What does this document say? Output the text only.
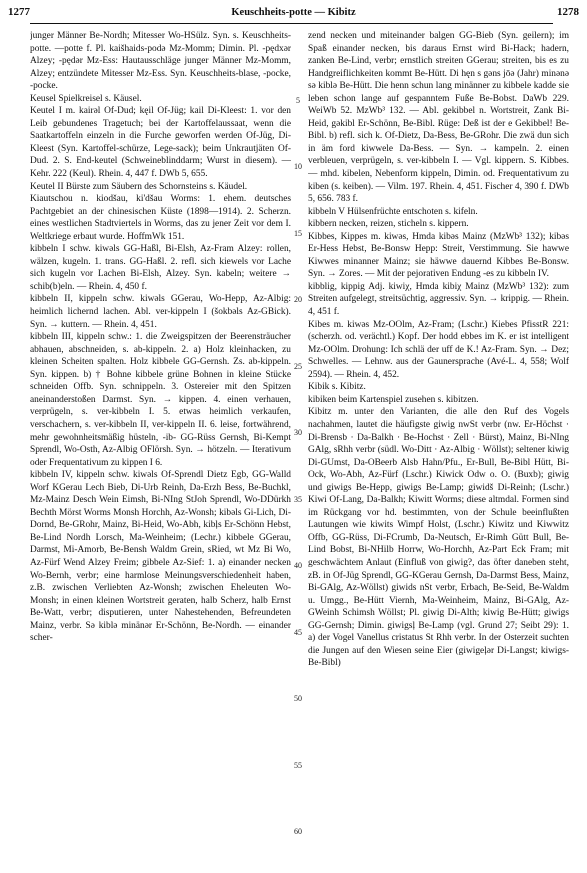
1277	Keuschheits-potte — Kibitz	1278

junger Männer Be-Nordh; Mitesser Wo-HSülz. Syn. s. Keuschheits-potte. —potte f. Pl. kaišhaids-podə Mz-Momm; Dimin. Pl. -pędxər Alzey; -pędər Mz-Ess: Hautausschläge junger Männer Mz-Momm, Alzey; entzündete Mitesser Mz-Ess. Syn. Keuschheits-blase, -pocke, -pocke.

Keusel Spielkreisel s. Käusel.

Keutel I m. kairəl Of-Dud; kęil Of-Jüg; kail Di-Kleest: 1. vor den Leib gebundenes Tragetuch; bei der Kartoffelaussaat, wenn die Saatkartoffeln einzeln in die Furche geworfen werden Of-Jüg, Di-Kleest (Syn. Kartoffel-schürze, Lege-sack); beim Unkrautjäten Of-Dud. 2. S. End-keutel (Schweineblinddarm; Wurst in diesem). — Kehr. 222 (Keul). Rhein. 4, 447 f. DWb 5, 655.

Keutel II Bürste zum Säubern des Schornsteins s. Käudel.

Kiautschou n. kiodšau, ki'dšau Worms: 1. ehem. deutsches Pachtgebiet an der chinesischen Küste (1898—1914). 2. Scherzn. eines westlichen Stadtviertels in Worms, das zu jener Zeit vor dem I. Weltkriege erbaut wurde. HoffmWk 151.

kibbeln I schw. kiwəls GG-Haßl, Bi-Elsh, Az-Fram Alzey: rollen, wälzen, kugeln. 1. trans. GG-Haßl. 2. refl. sich kiewels vor Lache sich kugeln vor Lachen Bi-Elsh, Alzey. Syn. kabeln; weitere → schib(b)eln. — Rhein. 4, 450 f.

kibbeln II, kippeln schw. kiwəls GGerau, Wo-Hepp, Az-Albig: heimlich lichernd lachen. Abl. ver-kippeln I (šokbəls Az-GBick). Syn. → kuttern. — Rhein. 4, 451.

kibbeln III, kippeln schw.: 1. die Zweigspitzen der Beerensträucher abhauen, abschneiden, s. ab-kippeln. 2. a) Holz kleinhacken, zu kleinen Scheiten spalten. Holz kibbele GG-Gernsh. Zs. ab-kippeln. Syn. kippen. b) † Bohne kibbele grüne Bohnen in kleine Stücke schneiden Offb. Syn. schnippeln. 3. Ostereier mit den Spitzen aneinanderstoßen Darmst. Syn. → kippen. 4. einen verhauen, verprügeln, s. ver-kibbeln I. 5. etwas heimlich verkaufen, verschachern, s. ver-kibbeln II, ver-kippeln II. 6. leise, fortwährend, mehr gewohnheitsmäßig hüsteln, -ib- GG-Rüss Gernsh, Bi-Kempt Sprendl, Wo-Osth, Az-Albig OFlörsh. Syn. → hötzeln. — Iterativum oder Frequentativum zu kippen I 6.

kibbeln IV, kippeln schw. kiwəls Of-Sprendl Dietz Egb, GG-Walld Worf KGerau Lech Bieb, Di-Urb Reinh, Da-Erzh Bess, Be-Buchkl, Mz-Mainz Desch Wein Eimsh, Bi-NIng StJoh Sprendl, Wo-DDürkh Bechth Mörst Worms Monsh Horchh, Az-Wonsh; kibəls Gi-Lich, Di-Dornd, Be-GRohr, Mainz, Bi-Heid, Wo-Abh, kibļs Er-Schönn Hebst, Be-Lind Nordh Lorsch, Ma-Weinheim; (Lechr.) kibbele GGerau, Darmst, Mi-Amorb, Be-Bensh Waldm Grein, sRied, wt Mz Bi Wo, Az-Fürf Wend Alzey Freim; gibbele Az-Sief: 1. a) einander necken Wo-Bernh, verbr; eine harmlose Meinungsverschiedenheit haben, z.B. zwischen Verliebten Az-Wonsh; zwischen Eheleuten Wo-Monsh; in einen kleinen Wortstreit geraten, halb Scherz, halb Ernst Be-Watt, verbr; disputieren, unter Nahestehenden, Befreundeten Mainz, verbr. Sə kiblə minänər Er-Schönn, Be-Nordh. — einander scher-

5
10
15
20
25
30
35
40
45
50
55
60

zend necken und miteinander balgen GG-Bieb (Syn. geilern); im Spaß einander necken, bis daraus Ernst wird Bi-Hack; hadern, zanken Be-Lind, verbr; ernstlich streiten GGerau; streiten, bis es zu Handgreiflichkeiten kommt Be-Hütt. Di hęn s gəns jōə (Jahr) minənə sə kiblə Be-Hütt. Die henn schun lang minänner zu kibbele kadde sie leben schon lange auf gespanntem Fuße Be-Bobst. DaWb 229. WeiWb 52. MzWb³ 132. — Abl. gekibbel n. Wortstreit, Zank Bi-Heid, gəkibl Er-Schönn, Be-Bibl. Rüge: Deß ist der e Gekibbel! Be-Bibl. b) refl. sich k. Of-Dietz, Da-Bess, Be-GRohr. Die zwä dun sich in äm ford kiwwele Da-Bess. — Syn. → kampeln. 2. einen verbleuen, verprügeln, s. ver-kibbeln I. — Vgl. kippern. S. Kibbes. — mhd. kibelen, Nebenform kippeln, Dimin. od. Frequentativum zu kiben (s. keiben). — Vilm. 197. Rhein. 4, 451. Fischer 4, 390 f. DWb 5, 656. 783 f.

kibbeln V Hülsenfrüchte entschoten s. kifeln.

kibbern necken, reizen, sticheln s. kippern.

Kibbes, Kippes m. kiwəs, Hmda kibəs Mainz (MzWb³ 132); kibəs Er-Hess Hebst, Be-Bonsw Hepp: Streit, Verstimmung. Sie hawwe Kiwwes minanner Mainz; sie häwwe dauernd Kibbes Be-Bonsw. Syn. → Zores. — Mit der pejorativen Endung -es zu kibbeln IV.

kibblig, kippig Adj. kiwiχ, Hmda kibiχ Mainz (MzWb³ 132): zum Streiten aufgelegt, streitsüchtig, aggressiv. Syn. → krippig. — Rhein. 4, 451 f.

Kibes m. kiwəs Mz-OOlm, Az-Fram; (Lschr.) Kiebes PfisstR 221: (scherzh. od. verächtl.) Kopf. Der hodd ebbes im K. er ist intelligent Mz-OOlm. Drohung: Ich schlä der uff de K.! Az-Fram. Syn. → Dez; Schwelles. — Lehnw. aus der Gaunersprache (Avé-L. 4, 558; Wolf 2594). — Rhein. 4, 452.

Kibik s. Kibitz.

kibiken beim Kartenspiel zusehen s. kibitzen.

Kibitz m. unter den Varianten, die alle den Ruf des Vogels nachahmen, lautet die häufigste giwig nwSt verbr (nw. Er-Höchst · Di-Brensb · Da-Balkh · Be-Hochst · Zell · Bürst), Mainz, Bi-NIng GAlg, sRhh verbr (südl. Wo-Ditt · Az-Albig · Wöllst); seltener kiwig Di-GUmst, Da-OBeerb Alsb Hahn/Pfu., Er-Bull, Be-Bibl Hütt, Bi-Ock, Wo-Abh, Az-Fürf (Lschr.) Kiwick Odw o. O. (Buxb); giwig und giwigs Be-Hepp, giwigs Be-Lamp; giwidš Di-Reinh; (Lschr.) Kiwi Of-Lang, Da-Balkh; Kiwitt Worms; diese altmdal. Formen sind im Rückgang vor hd. bestimmten, von der Schule beeinflußten Lautungen wie kiwits Wimpf Holst, (Lschr.) Kiwitz und Kiwwitz Offb, GG-Rüss, Di-FCrumb, Da-Neutsch, Er-Rimh Gütt Bull, Be-Lind Bobst, Bi-NHilb Horrw, Wo-Horchh, Az-Part Eck Fram; mit geschwächtem Anlaut (Einfluß von giwig?, das öfter daneben steht, zB. in Of-Jüg Sprendl, GG-KGerau Gernsh, Da-Darmst Bess, Mainz, Bi-GAlg, Az-Wöllst) giwids nSt verbr, Erbach, Be-Seid, Be-Waldm u. Umgg., Be-Hütt Viernh, Ma-Weinheim, Mainz, Bi-GAlg, Az-GWeinh Schimsh Wöllst; Pl. giwig Di-Alth; kiwig Be-Hütt; giwigs GG-Gernsh; Dimin. giwigsļ Be-Lamp (vgl. Grund 27; Seibt 29): 1. a) der Vogel Vanellus cristatus St Rhh verbr. In der Osterzeit suchten die Jungen auf den Wiesen seine Eier (giwigeļər Di-Langst; kiwigs- Be-Bibl)
